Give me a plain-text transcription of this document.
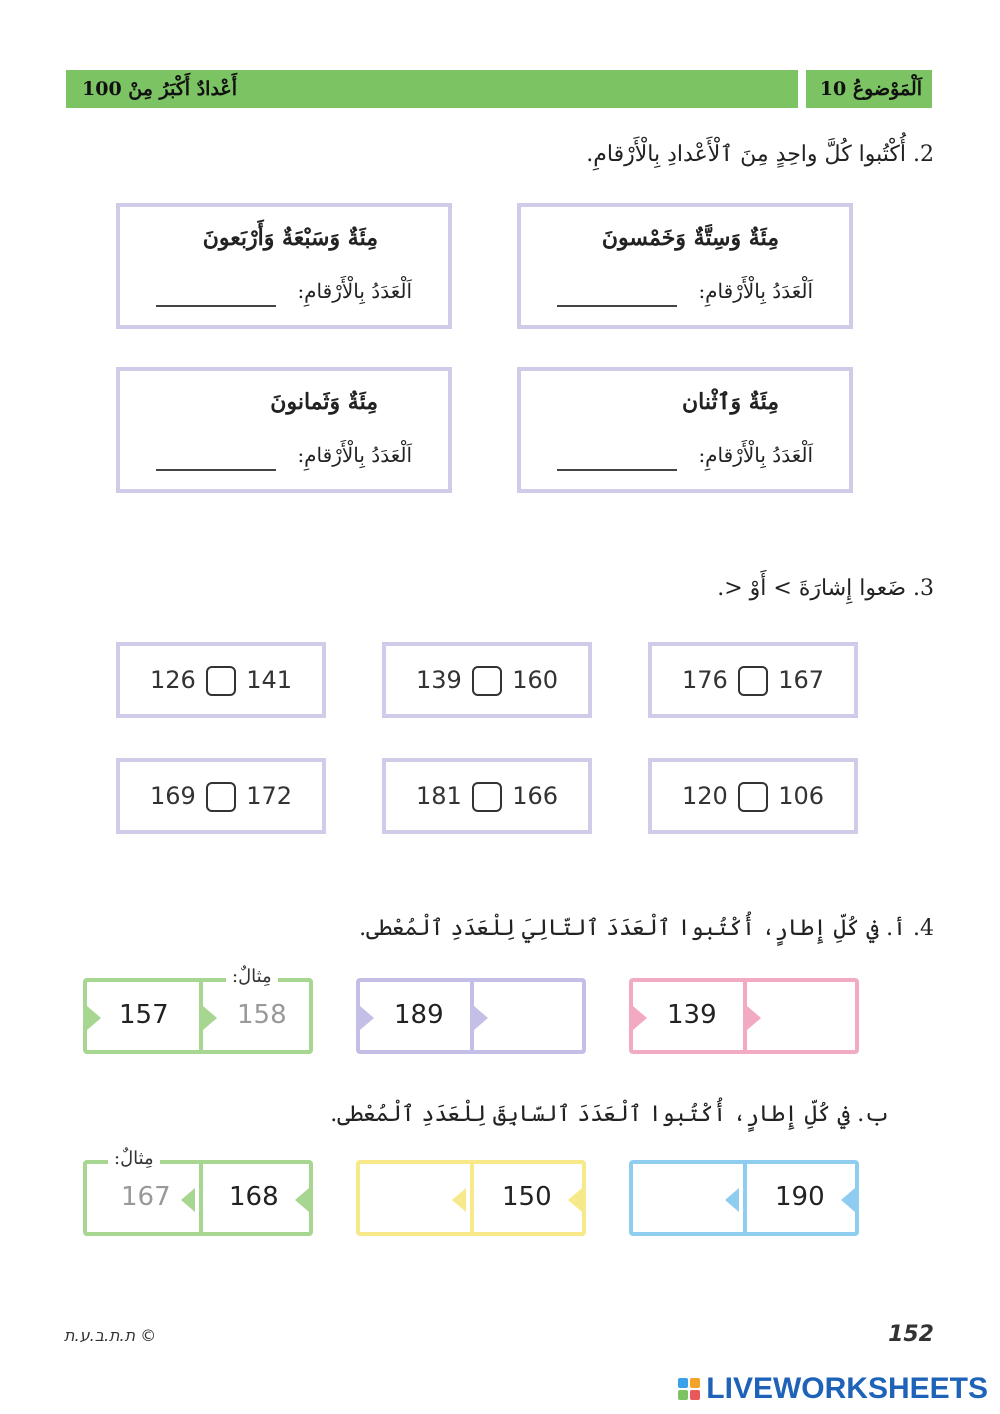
اَلْمَوْضوعُ 10
أَعْدادٌ أَكْبَرُ مِنْ 100
2. أُكْتُبوا كُلَّ واحِدٍ مِنَ ٱلْأَعْدادِ بِالْأَرْقامِ.
مِئَةٌ وَسِتَّةٌ وَخَمْسونَ
اَلْعَدَدُ بِالْأَرْقامِ:
مِئَةٌ وَسَبْعَةٌ وَأَرْبَعونَ
اَلْعَدَدُ بِالْأَرْقامِ:
مِئَةٌ وَٱثْنان
اَلْعَدَدُ بِالْأَرْقامِ:
مِئَةٌ وَثَمانونَ
اَلْعَدَدُ بِالْأَرْقامِ:
3. ضَعوا إِشارَةَ > أَوْ <.
176 167
139 160
126 141
120 106
181 166
169 172
4. أ. في كُلِّ إِطارٍ، أُكْتُبوا ٱلْعَدَدَ ٱلتّالِيَ لِلْعَدَدِ ٱلْمُعْطى.
139
189
157	158
مِثالٌ:
ب. في كُلِّ إِطارٍ، أُكْتُبوا ٱلْعَدَدَ ٱلسّابِقَ لِلْعَدَدِ ٱلْمُعْطى.
190
150
167 168
مِثالٌ:
ת.ת.ב.ע.ת ©	152
LIVEWORKSHEETS
